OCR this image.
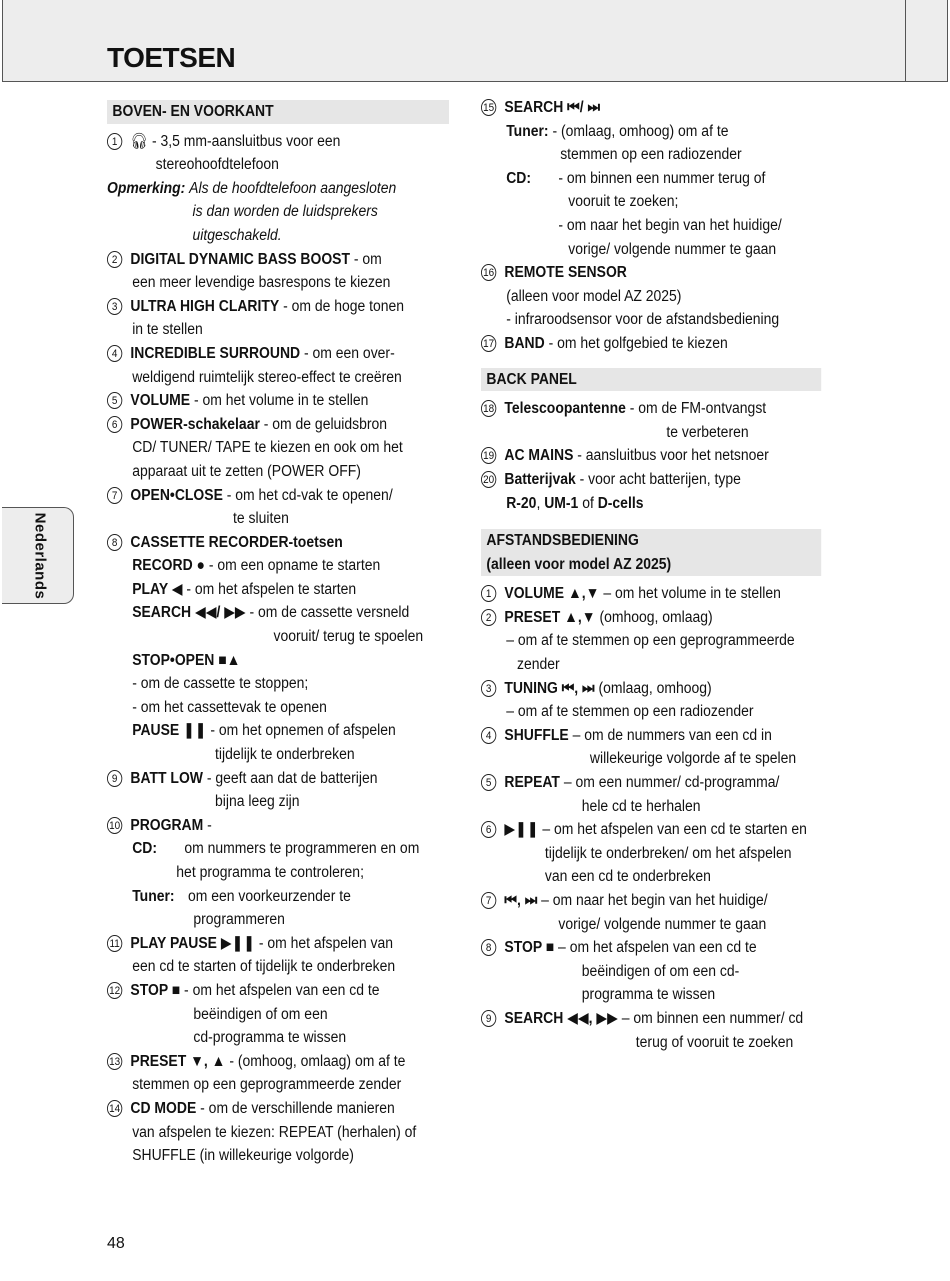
TOETSEN
Nederlands
BOVEN- EN VOORKANT
1 🎧︎ - 3,5 mm-aansluitbus voor een
stereohoofdtelefoon
Opmerking: Als de hoofdtelefoon aangesloten
is dan worden de luidsprekers
uitgeschakeld.
2 DIGITAL DYNAMIC BASS BOOST - om
een meer levendige basrespons te kiezen
3 ULTRA HIGH CLARITY - om de hoge tonen
in te stellen
4 INCREDIBLE SURROUND - om een over-
weldigend ruimtelijk stereo-effect te creëren
5 VOLUME - om het volume in te stellen
6 POWER-schakelaar - om de geluidsbron
CD/ TUNER/ TAPE te kiezen en ook om het
apparaat uit te zetten (POWER OFF)
7 OPEN•CLOSE - om het cd-vak te openen/
te sluiten
8 CASSETTE RECORDER-toetsen
RECORD ● - om een opname te starten
PLAY ◀ - om het afspelen te starten
SEARCH ◀◀/ ▶▶ - om de cassette versneld
vooruit/ terug te spoelen
STOP•OPEN ■▲
- om de cassette te stoppen;
- om het cassettevak te openen
PAUSE ❚❚ - om het opnemen of afspelen
tijdelijk te onderbreken
9 BATT LOW - geeft aan dat de batterijen
bijna leeg zijn
10 PROGRAM -
CD: om nummers te programmeren en om
het programma te controleren;
Tuner: om een voorkeurzender te
programmeren
11 PLAY PAUSE ▶❚❚ - om het afspelen van
een cd te starten of tijdelijk te onderbreken
12 STOP ■ - om het afspelen van een cd te
beëindigen of om een
cd-programma te wissen
13 PRESET ▼, ▲ - (omhoog, omlaag) om af te
stemmen op een geprogrammeerde zender
14 CD MODE - om de verschillende manieren
van afspelen te kiezen: REPEAT (herhalen) of
SHUFFLE (in willekeurige volgorde)
15 SEARCH ⏮/ ⏭
Tuner: - (omlaag, omhoog) om af te
stemmen op een radiozender
CD: - om binnen een nummer terug of
vooruit te zoeken;
- om naar het begin van het huidige/
vorige/ volgende nummer te gaan
16 REMOTE SENSOR
(alleen voor model AZ 2025)
- infraroodsensor voor de afstandsbediening
17 BAND - om het golfgebied te kiezen
BACK PANEL
18 Telescoopantenne - om de FM-ontvangst
te verbeteren
19 AC MAINS - aansluitbus voor het netsnoer
20 Batterijvak - voor acht batterijen, type
R-20, UM-1 of D-cells
AFSTANDSBEDIENING
(alleen voor model AZ 2025)
1 VOLUME ▲,▼ – om het volume in te stellen
2 PRESET ▲,▼ (omhoog, omlaag)
– om af te stemmen op een geprogrammeerde
zender
3 TUNING ⏮, ⏭ (omlaag, omhoog)
– om af te stemmen op een radiozender
4 SHUFFLE – om de nummers van een cd in
willekeurige volgorde af te spelen
5 REPEAT – om een nummer/ cd-programma/
hele cd te herhalen
6 ▶❚❚ – om het afspelen van een cd te starten en
tijdelijk te onderbreken/ om het afspelen
van een cd te onderbreken
7 ⏮, ⏭ – om naar het begin van het huidige/
vorige/ volgende nummer te gaan
8 STOP ■ – om het afspelen van een cd te
beëindigen of om een cd-
programma te wissen
9 SEARCH ◀◀, ▶▶ – om binnen een nummer/ cd
terug of vooruit te zoeken
48
